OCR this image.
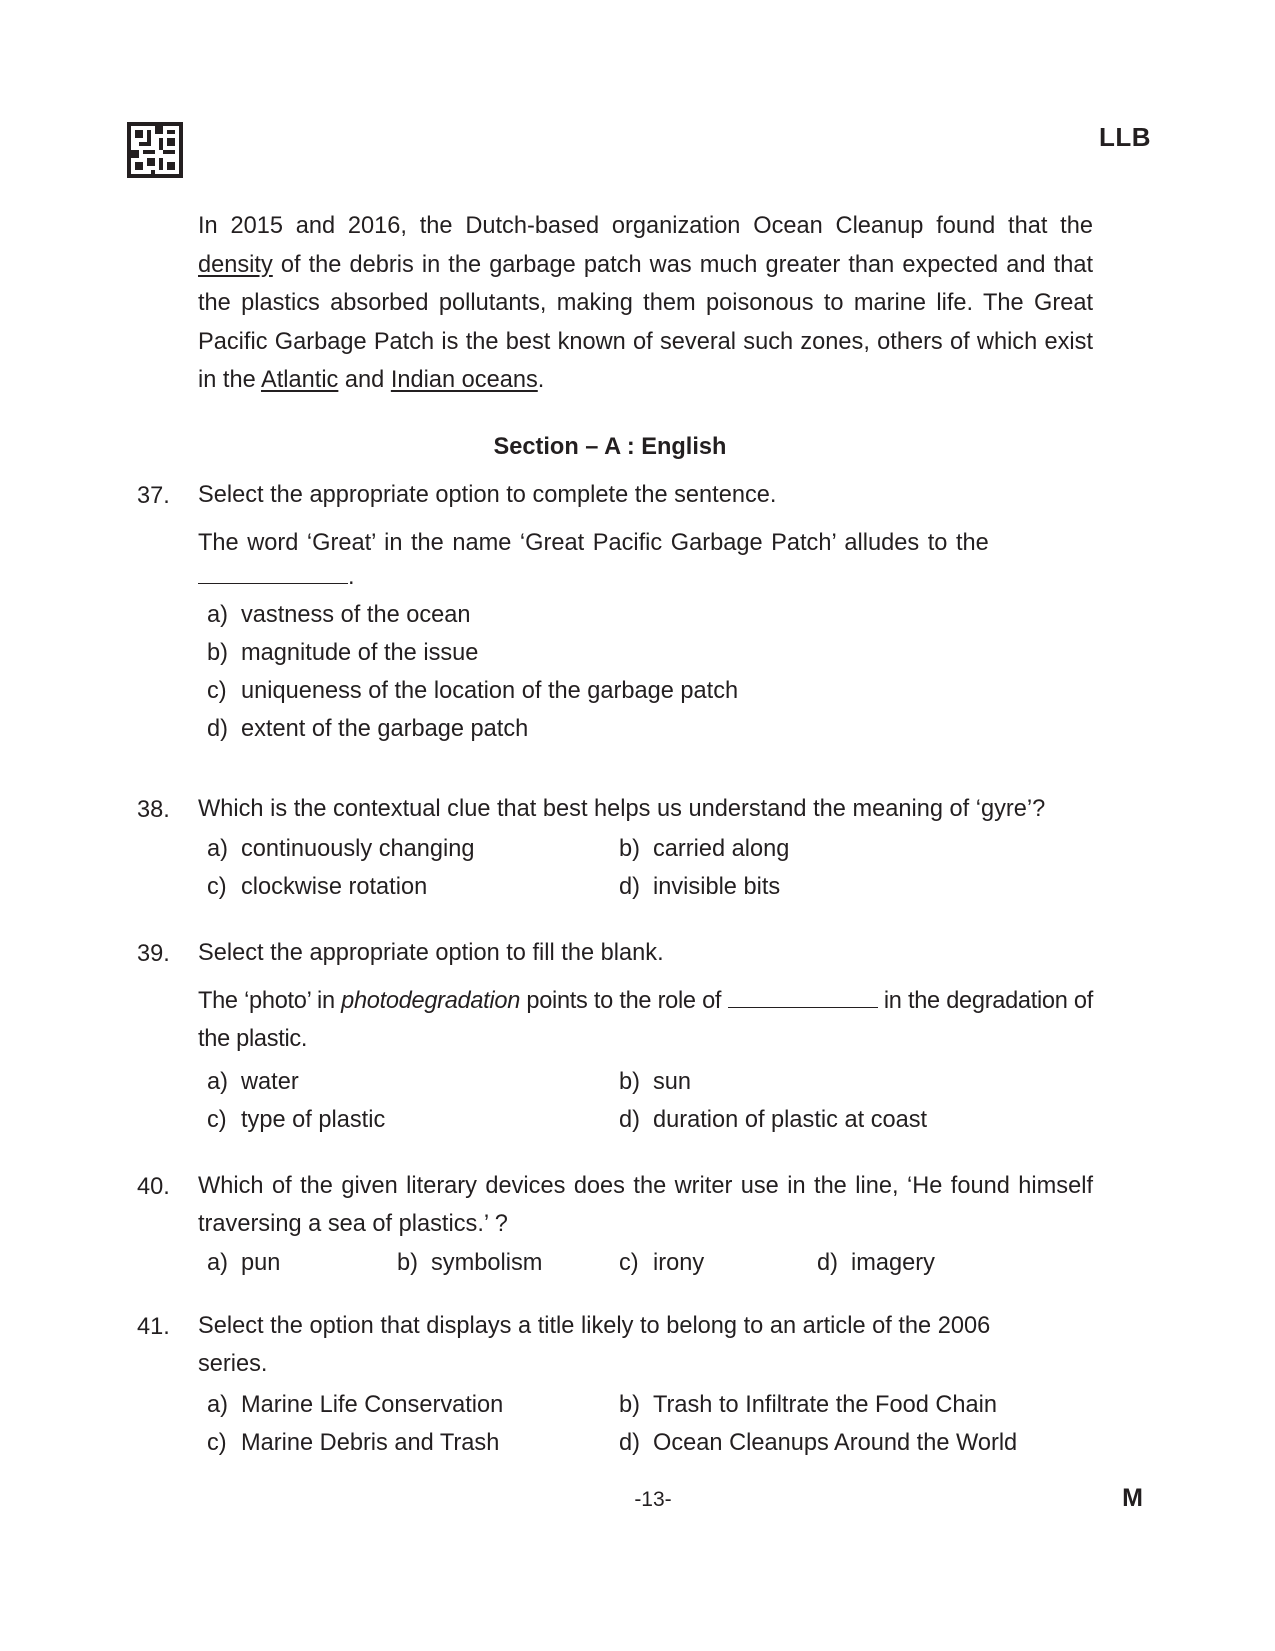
LLB

In 2015 and 2016, the Dutch-based organization Ocean Cleanup found that the density of the debris in the garbage patch was much greater than expected and that the plastics absorbed pollutants, making them poisonous to marine life. The Great Pacific Garbage Patch is the best known of several such zones, others of which exist in the Atlantic and Indian oceans.

Section – A : English
37. Select the appropriate option to complete the sentence.

The word ‘Great’ in the name ‘Great Pacific Garbage Patch’ alludes to the

.
a) vastness of the ocean
b) magnitude of the issue
c) uniqueness of the location of the garbage patch
d) extent of the garbage patch
38. Which is the contextual clue that best helps us understand the meaning of ‘gyre’?

a) continuously changing	b) carried along
c) clockwise rotation	d) invisible bits
39. Select the appropriate option to fill the blank.

The ‘photo’ in photodegradation points to the role of	in the degradation of the plastic.

a) water	b) sun
c) type of plastic	d) duration of plastic at coast
40. Which of the given literary devices does the writer use in the line, ‘He found himself traversing a sea of plastics.’ ?

a) pun	b) symbolism	c) irony	d) imagery
41. Select the option that displays a title likely to belong to an article of the 2006 series.

a) Marine Life Conservation	b) Trash to Infiltrate the Food Chain
c) Marine Debris and Trash	d) Ocean Cleanups Around the World
-13-	M
